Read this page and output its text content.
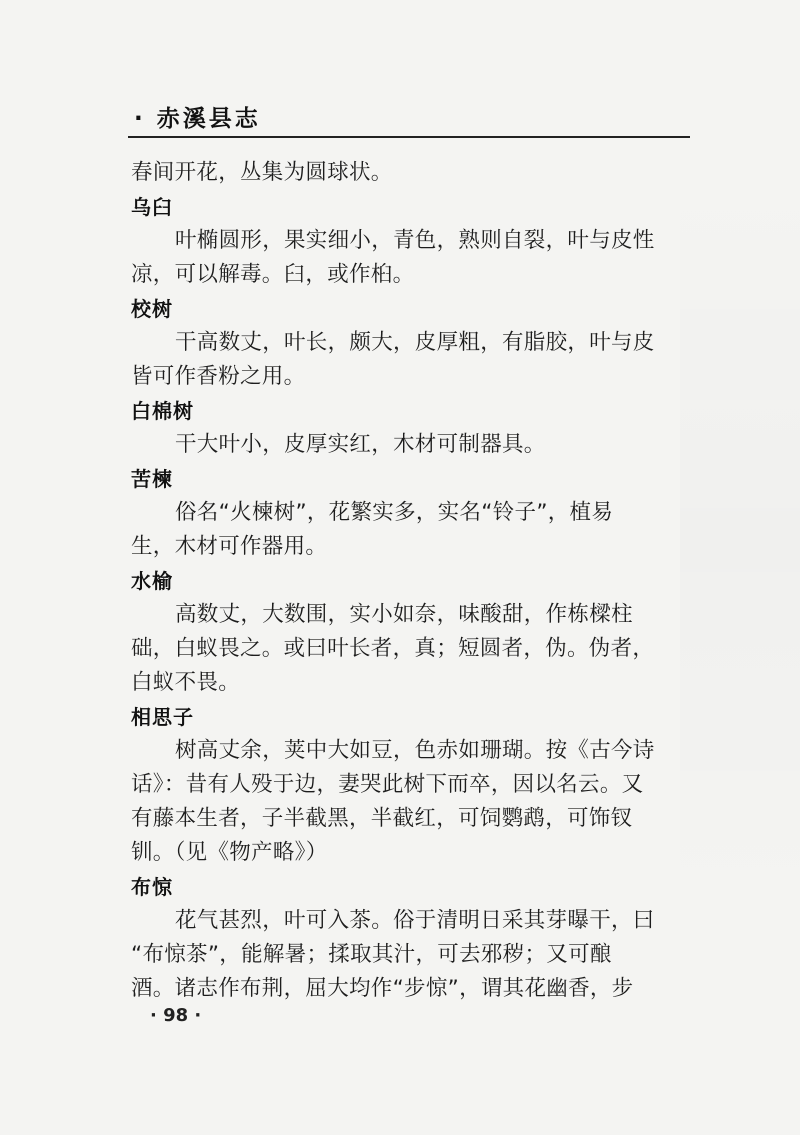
· 赤溪县志
春间开花，丛集为圆球状。
乌臼
叶椭圆形，果实细小，青色，熟则自裂，叶与皮性
凉，可以解毒。臼，或作桕。
校树
干高数丈，叶长，颇大，皮厚粗，有脂胶，叶与皮
皆可作香粉之用。
白棉树
干大叶小，皮厚实红，木材可制器具。
苦楝
俗名“火楝树”，花繁实多，实名“铃子”，植易
生，木材可作器用。
水榆
高数丈，大数围，实小如奈，味酸甜，作栋樑柱
础，白蚁畏之。或曰叶长者，真；短圆者，伪。伪者，
白蚁不畏。
相思子
树高丈余，荚中大如豆，色赤如珊瑚。按《古今诗
话》：昔有人殁于边，妻哭此树下而卒，因以名云。又
有藤本生者，子半截黑，半截红，可饲鹦鹉，可饰钗
钏。（见《物产略》）
布惊
花气甚烈，叶可入茶。俗于清明日采其芽曝干，曰
“布惊茶”，能解暑；揉取其汁，可去邪秽；又可酿
酒。诸志作布荆，屈大均作“步惊”，谓其花幽香，步
· 98 ·
